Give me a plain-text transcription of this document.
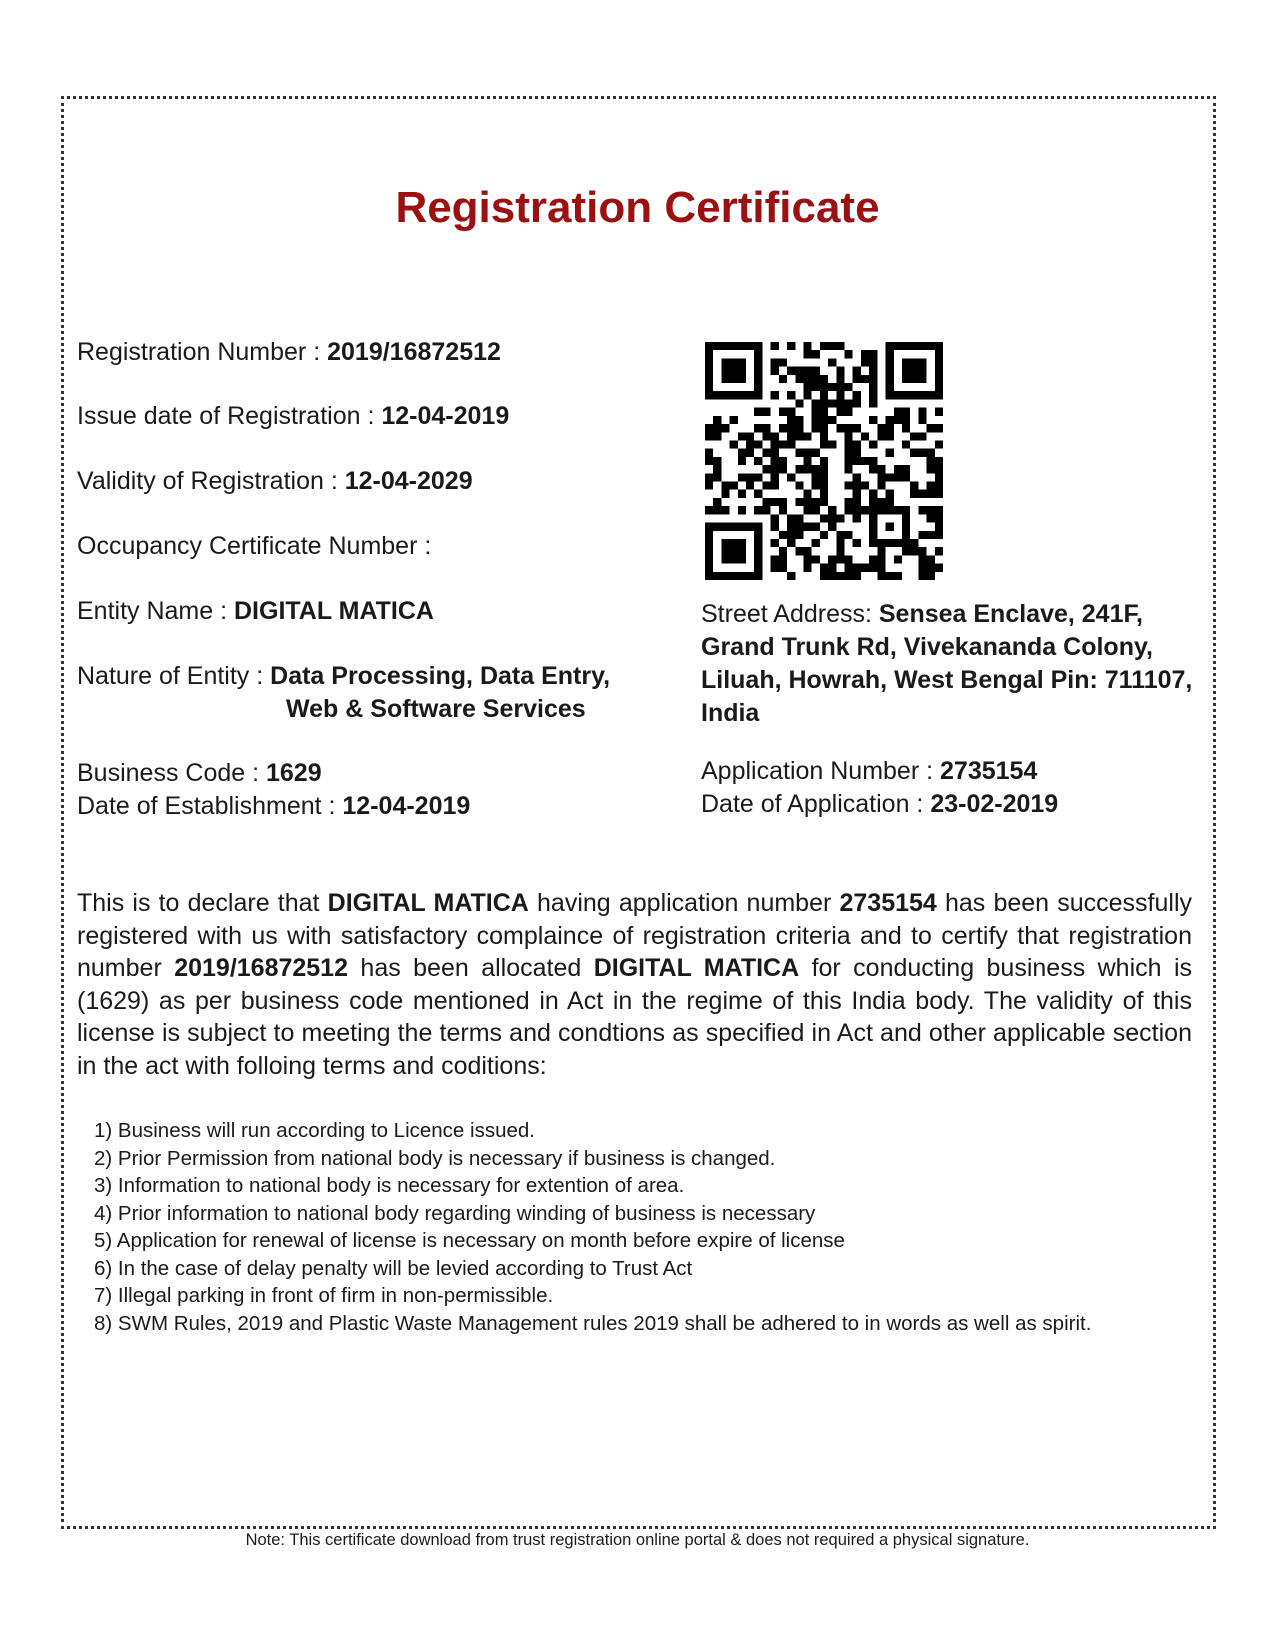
Registration Certificate
Registration Number : 2019/16872512
Issue date of Registration : 12-04-2019
Validity of Registration : 12-04-2029
Occupancy Certificate Number :
Entity Name : DIGITAL MATICA
Nature of Entity : Data Processing, Data Entry,
Web & Software Services
Business Code : 1629
Date of Establishment : 12-04-2019
Street Address: Sensea Enclave, 241F, Grand Trunk Rd, Vivekananda Colony, Liluah, Howrah, West Bengal Pin: 711107, India
Application Number : 2735154
Date of Application : 23-02-2019

This is to declare that DIGITAL MATICA having application number 2735154 has been successfully registered with us with satisfactory complaince of registration criteria and to certify that registration number 2019/16872512 has been allocated DIGITAL MATICA for conducting business which is (1629) as per business code mentioned in Act in the regime of this India body. The validity of this license is subject to meeting the terms and condtions as specified in Act and other applicable section in the act with folloing terms and coditions:

1) Business will run according to Licence issued.
2) Prior Permission from national body is necessary if business is changed.
3) Information to national body is necessary for extention of area.
4) Prior information to national body regarding winding of business is necessary
5) Application for renewal of license is necessary on month before expire of license
6) In the case of delay penalty will be levied according to Trust Act
7) Illegal parking in front of firm in non-permissible.
8) SWM Rules, 2019 and Plastic Waste Management rules 2019 shall be adhered to in words as well as spirit.
Note: This certificate download from trust registration online portal & does not required a physical signature.
